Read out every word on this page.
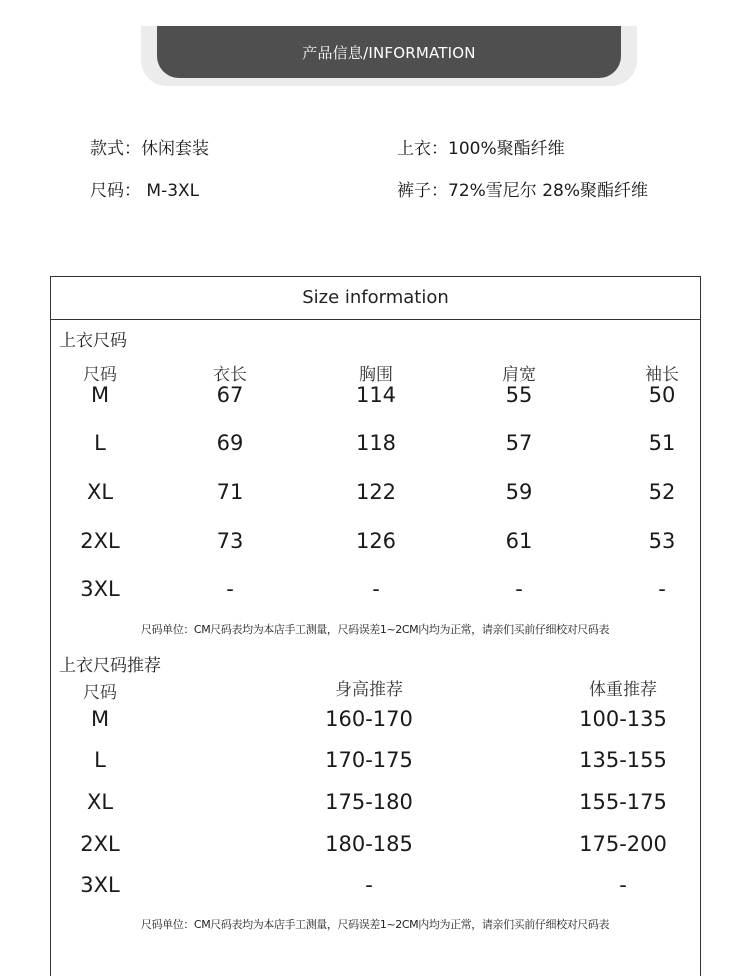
产品信息/INFORMATION
款式：休闲套装
尺码： M-3XL
上衣：100%聚酯纤维
裤子：72%雪尼尔 28%聚酯纤维
Size information
上衣尺码
尺码	衣长	胸围	肩宽	袖长
M	67	114	55	50
L	69	118	57	51
XL	71	122	59	52
2XL	73	126	61	53
3XL	-	-	-	-
尺码单位：CM尺码表均为本店手工测量，尺码误差1~2CM内均为正常，请亲们买前仔细校对尺码表
上衣尺码推荐
尺码	身高推荐	体重推荐
M	160-170	100-135
L	170-175	135-155
XL	175-180	155-175
2XL	180-185	175-200
3XL	-	-
尺码单位：CM尺码表均为本店手工测量，尺码误差1~2CM内均为正常，请亲们买前仔细校对尺码表
